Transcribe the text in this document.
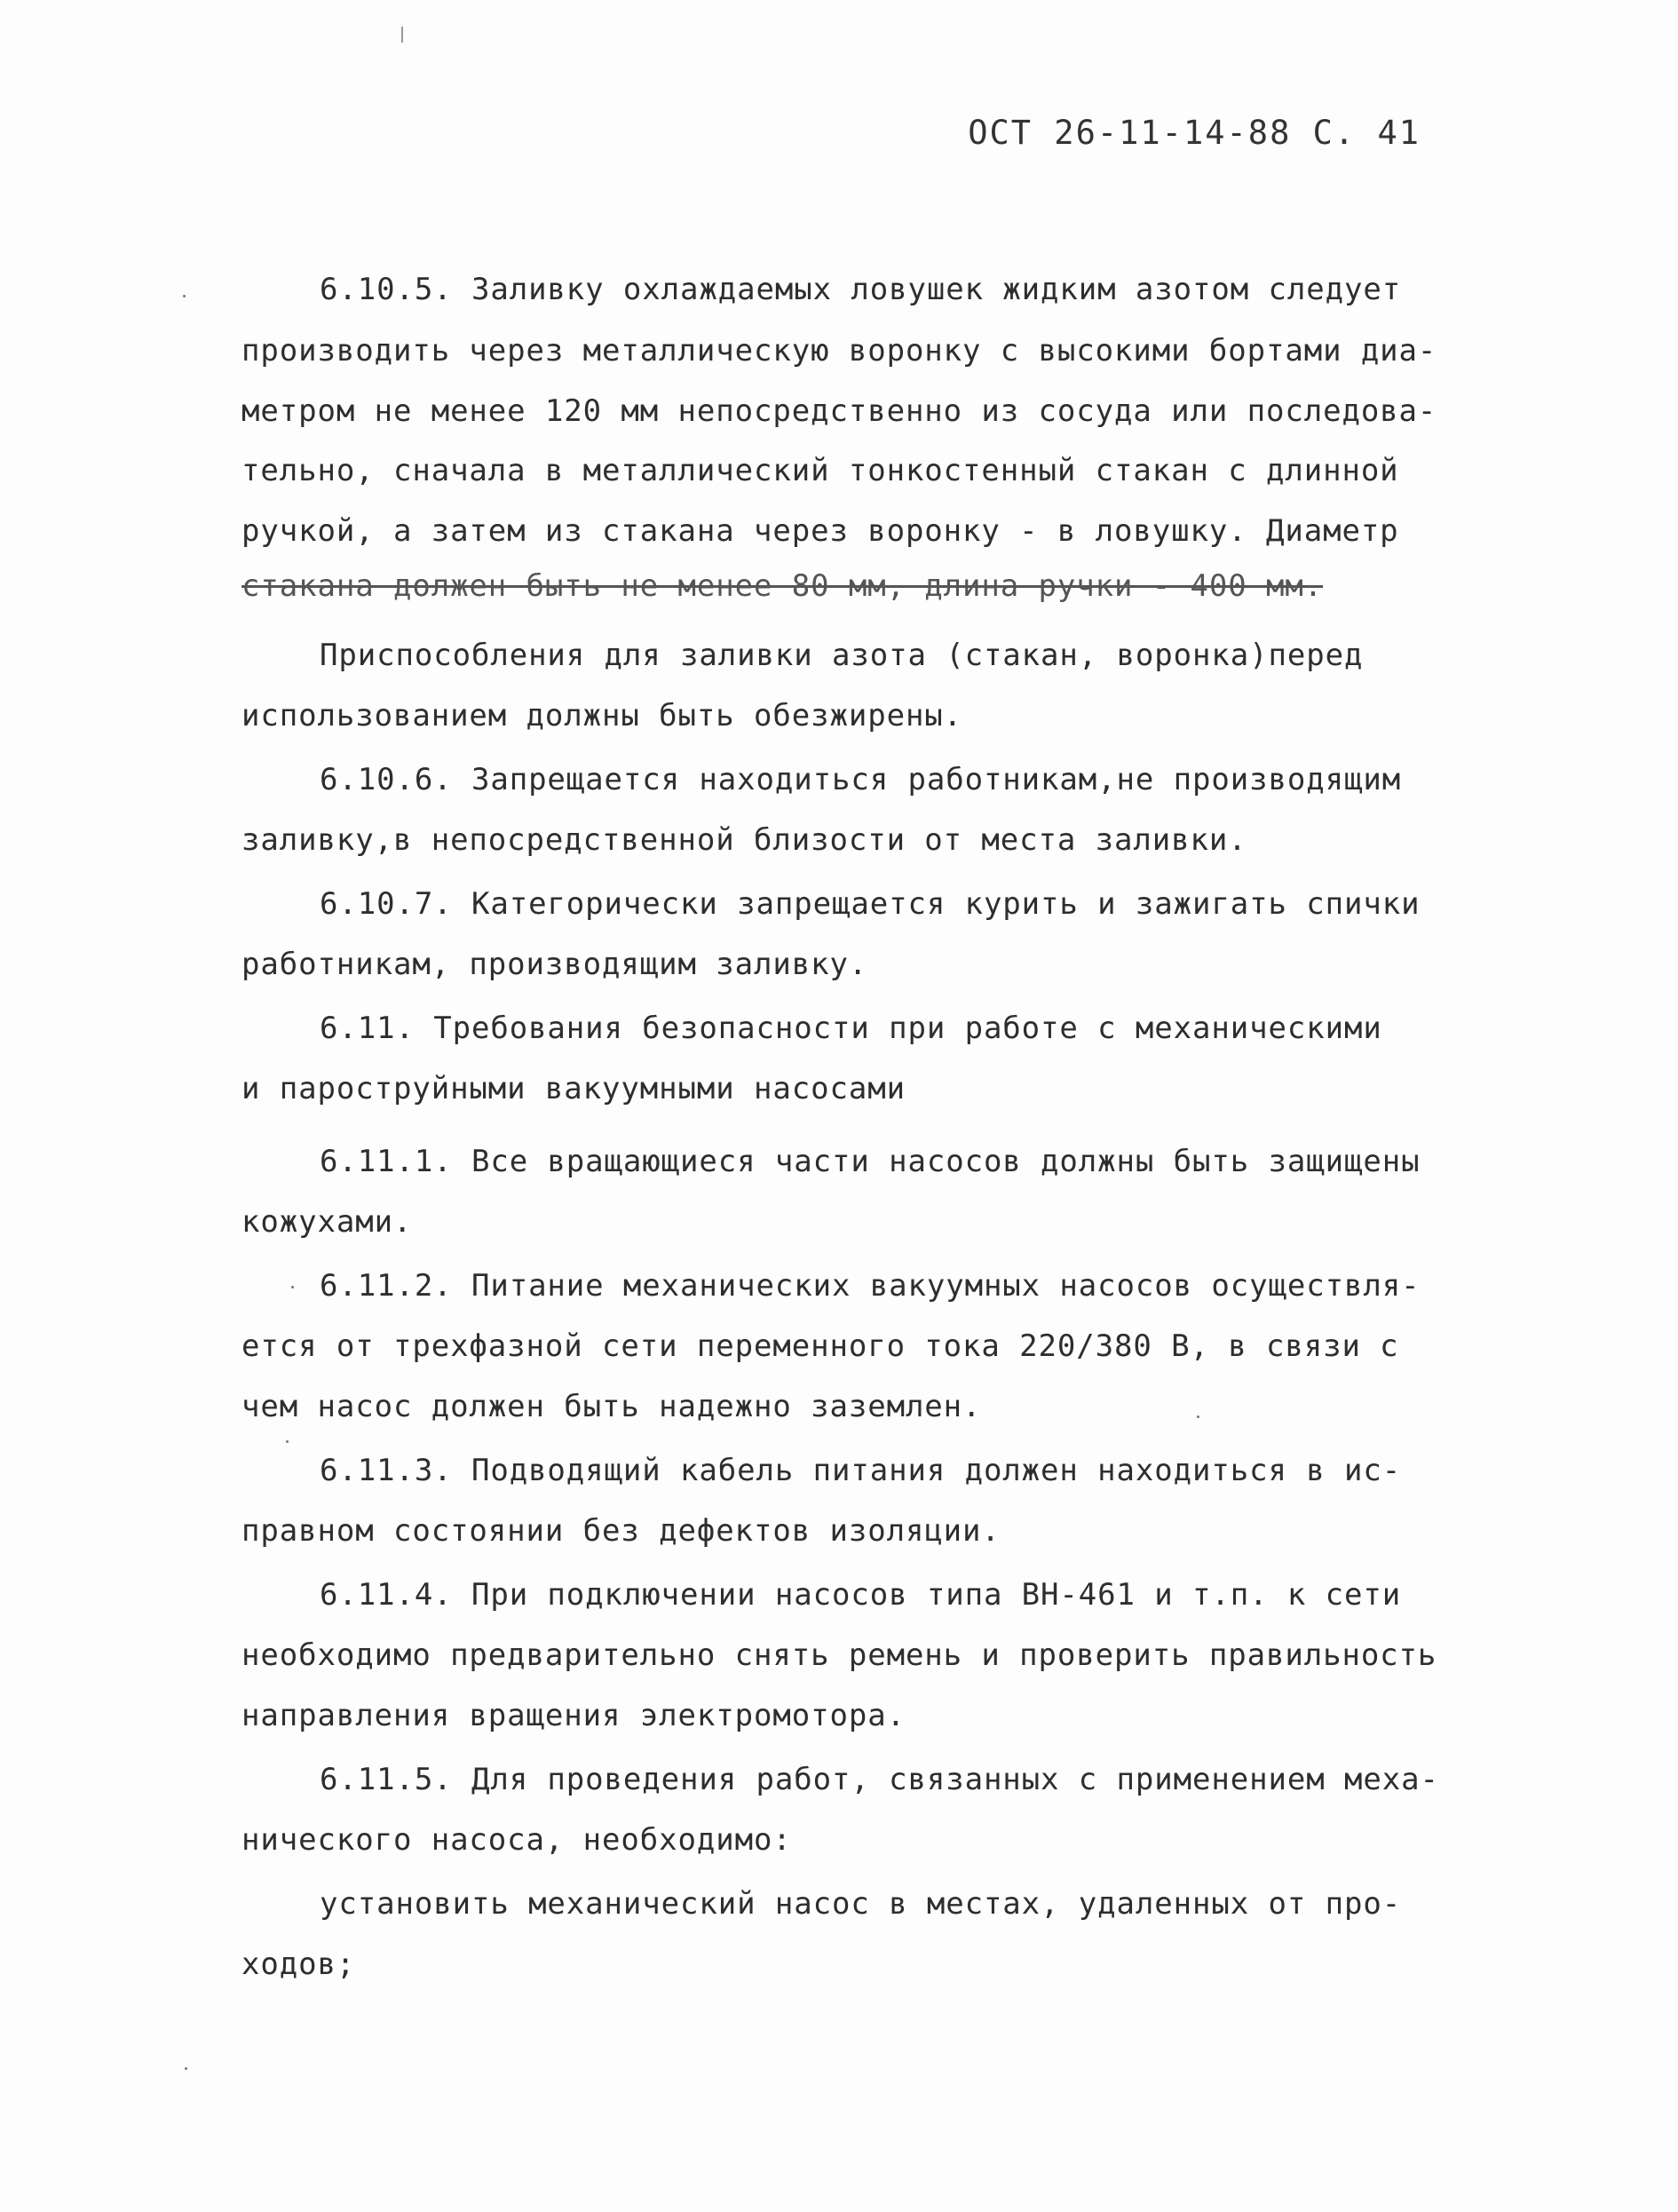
ОСТ 26-11-14-88 С. 41
6.10.5. Заливку охлаждаемых ловушек жидким азотом следует
производить через металлическую воронку с высокими бортами диа-
метром не менее 120 мм непосредственно из сосуда или последова-
тельно, сначала в металлический тонкостенный стакан с длинной
ручкой, а затем из стакана через воронку - в ловушку. Диаметр
стакана должен быть не менее 80 мм, длина ручки - 400 мм.
Приспособления для заливки азота (стакан, воронка)перед
использованием должны быть обезжирены.
6.10.6. Запрещается находиться работникам,не производящим
заливку,в непосредственной близости от места заливки.
6.10.7. Категорически запрещается курить и зажигать спички
работникам, производящим заливку.
6.11. Требования безопасности при работе с механическими
и пароструйными вакуумными насосами
6.11.1. Все вращающиеся части насосов должны быть защищены
кожухами.
6.11.2. Питание механических вакуумных насосов осуществля-
ется от трехфазной сети переменного тока 220/380 В, в связи с
чем насос должен быть надежно заземлен.
6.11.3. Подводящий кабель питания должен находиться в ис-
правном состоянии без дефектов изоляции.
6.11.4. При подключении насосов типа ВН-461 и т.п. к сети
необходимо предварительно снять ремень и проверить правильность
направления вращения электромотора.
6.11.5. Для проведения работ, связанных с применением меха-
нического насоса, необходимо:
установить механический насос в местах, удаленных от про-
ходов;
